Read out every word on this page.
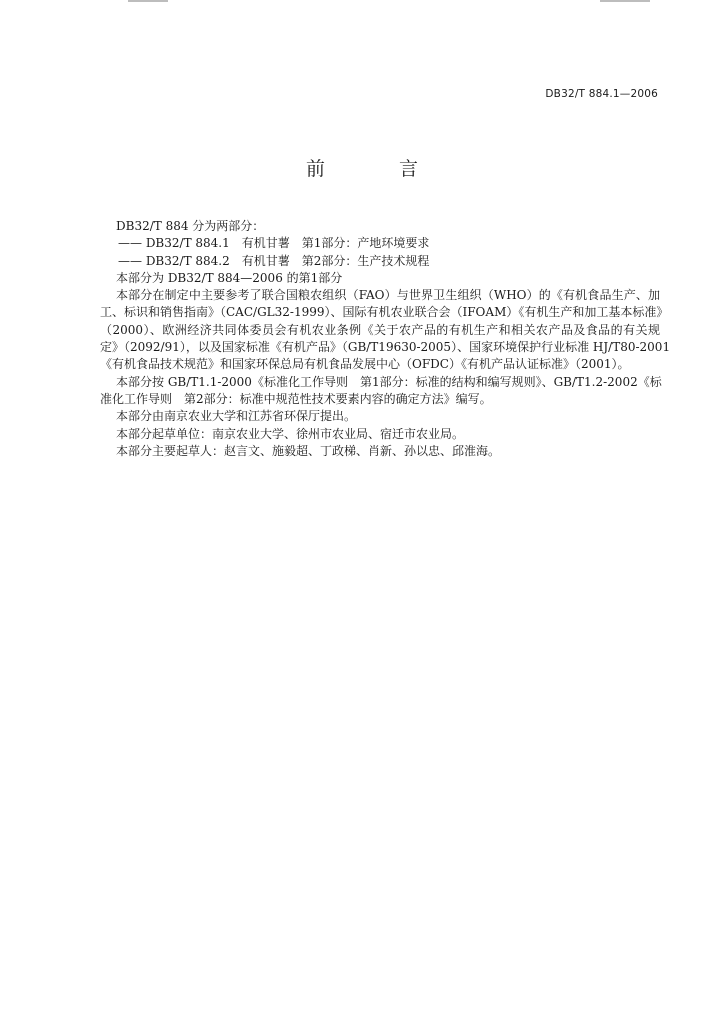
DB32/T 884.1—2006
前 言

DB32/T 884 分为两部分：

—— DB32/T 884.1　有机甘薯　第1部分：产地环境要求

—— DB32/T 884.2　有机甘薯　第2部分：生产技术规程

本部分为 DB32/T 884—2006 的第1部分

本部分在制定中主要参考了联合国粮农组织（FAO）与世界卫生组织（WHO）的《有机食品生产、加

工、标识和销售指南》（CAC/GL32-1999）、国际有机农业联合会（IFOAM）《有机生产和加工基本标准》

（2000）、欧洲经济共同体委员会有机农业条例《关于农产品的有机生产和相关农产品及食品的有关规

定》（2092/91），以及国家标准《有机产品》（GB/T19630-2005）、国家环境保护行业标准 HJ/T80-2001

《有机食品技术规范》和国家环保总局有机食品发展中心（OFDC）《有机产品认证标准》（2001）。

本部分按 GB/T1.1-2000《标准化工作导则　第1部分：标准的结构和编写规则》、GB/T1.2-2002《标

准化工作导则　第2部分：标准中规范性技术要素内容的确定方法》编写。

本部分由南京农业大学和江苏省环保厅提出。

本部分起草单位：南京农业大学、徐州市农业局、宿迁市农业局。

本部分主要起草人：赵言文、施毅超、丁政梯、肖新、孙以忠、邱淮海。
